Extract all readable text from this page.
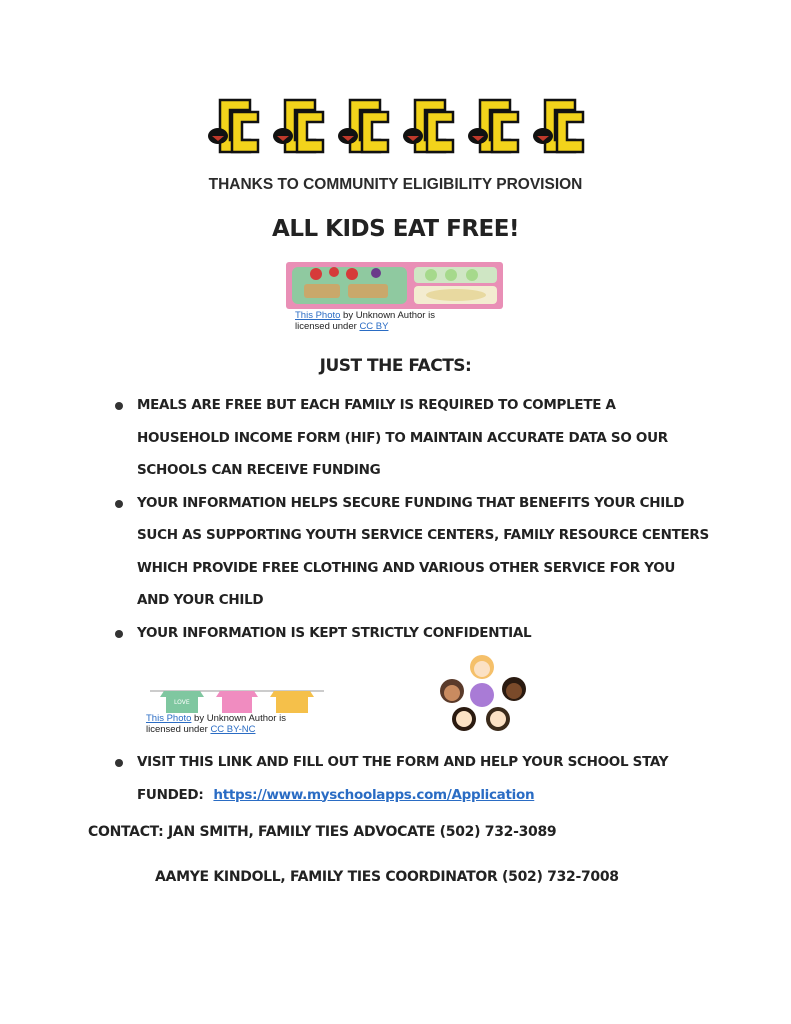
THANKS TO COMMUNITY ELIGIBILITY PROVISION
ALL KIDS EAT FREE!
This Photo by Unknown Author is
licensed under CC BY
JUST THE FACTS:
MEALS ARE FREE BUT EACH FAMILY IS REQUIRED TO COMPLETE A HOUSEHOLD INCOME FORM (HIF) TO MAINTAIN ACCURATE DATA SO OUR SCHOOLS CAN RECEIVE FUNDING
YOUR INFORMATION HELPS SECURE FUNDING THAT BENEFITS YOUR CHILD SUCH AS SUPPORTING YOUTH SERVICE CENTERS, FAMILY RESOURCE CENTERS WHICH PROVIDE FREE CLOTHING AND VARIOUS OTHER SERVICE FOR YOU AND YOUR CHILD
YOUR INFORMATION IS KEPT STRICTLY CONFIDENTIAL
LOVE
This Photo by Unknown Author is
licensed under CC BY-NC
VISIT THIS LINK AND FILL OUT THE FORM AND HELP YOUR SCHOOL STAY
FUNDED: https://www.myschoolapps.com/Application
CONTACT: JAN SMITH, FAMILY TIES ADVOCATE (502) 732-3089
AAMYE KINDOLL, FAMILY TIES COORDINATOR (502) 732-7008
